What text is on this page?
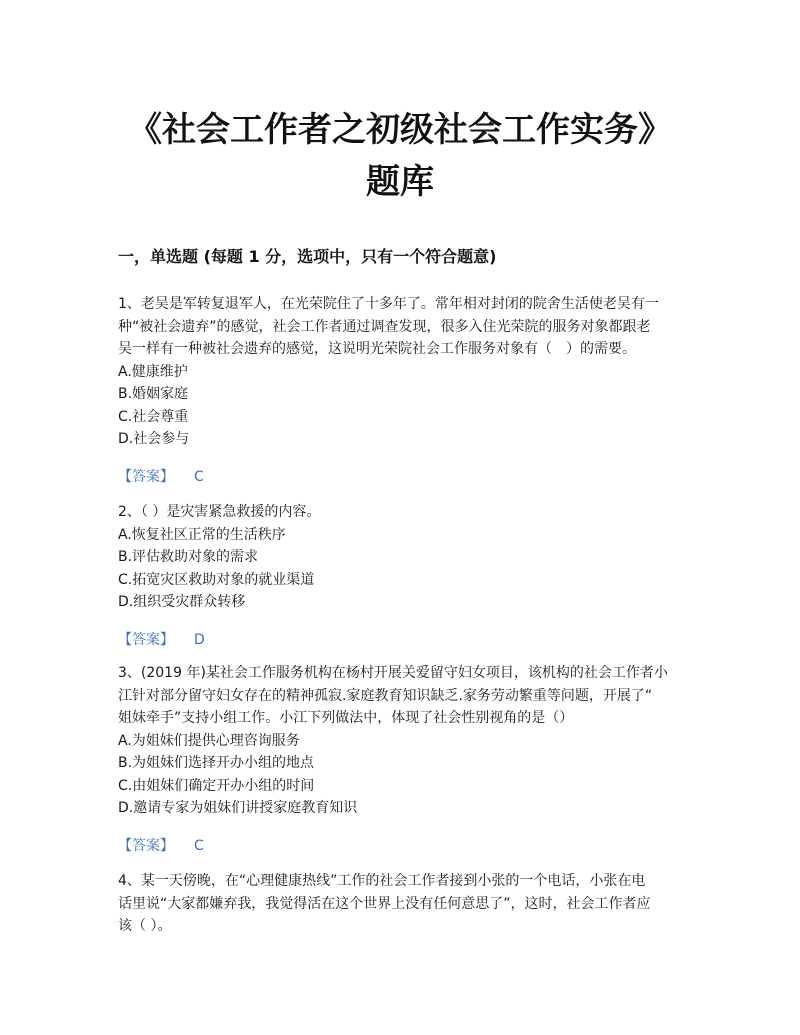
《社会工作者之初级社会工作实务》
题库
一，单选题 (每题 1 分，选项中，只有一个符合题意)

1、老吴是军转复退军人，在光荣院住了十多年了。常年相对封闭的院舍生活使老吴有一

种“被社会遗弃”的感觉，社会工作者通过调查发现，很多入住光荣院的服务对象都跟老

吴一样有一种被社会遗弃的感觉，这说明光荣院社会工作服务对象有（　）的需要。

A.健康维护

B.婚姻家庭

C.社会尊重

D.社会参与

【答案】 C

2、（ ）是灾害紧急救援的内容。

A.恢复社区正常的生活秩序

B.评估救助对象的需求

C.拓宽灾区救助对象的就业渠道

D.组织受灾群众转移

【答案】 D

3、(2019 年)某社会工作服务机构在杨村开展关爱留守妇女项目，该机构的社会工作者小

江针对部分留守妇女存在的精神孤寂.家庭教育知识缺乏.家务劳动繁重等问题，开展了“

姐妹牵手”支持小组工作。小江下列做法中，体现了社会性别视角的是（）

A.为姐妹们提供心理咨询服务

B.为姐妹们选择开办小组的地点

C.由姐妹们确定开办小组的时间

D.邀请专家为姐妹们讲授家庭教育知识

【答案】 C

4、某一天傍晚，在“心理健康热线”工作的社会工作者接到小张的一个电话，小张在电

话里说“大家都嫌弃我，我觉得活在这个世界上没有任何意思了”，这时，社会工作者应

该（ ）。
